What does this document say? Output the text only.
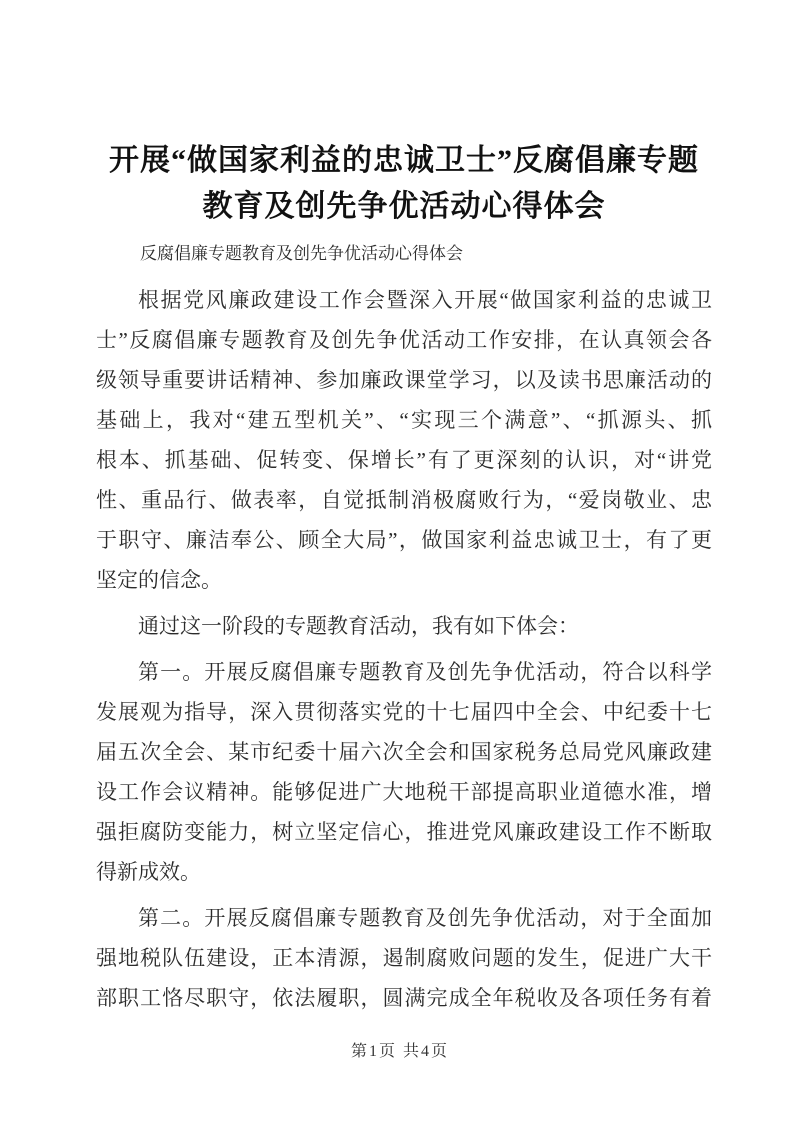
开展“做国家利益的忠诚卫士”反腐倡廉专题
教育及创先争优活动心得体会
反腐倡廉专题教育及创先争优活动心得体会
根据党风廉政建设工作会暨深入开展“做国家利益的忠诚卫
士”反腐倡廉专题教育及创先争优活动工作安排，在认真领会各
级领导重要讲话精神、参加廉政课堂学习，以及读书思廉活动的
基础上，我对“建五型机关”、“实现三个满意”、“抓源头、抓
根本、抓基础、促转变、保增长”有了更深刻的认识，对“讲党
性、重品行、做表率，自觉抵制消极腐败行为，“爱岗敬业、忠
于职守、廉洁奉公、顾全大局”，做国家利益忠诚卫士，有了更
坚定的信念。
通过这一阶段的专题教育活动，我有如下体会：
第一。开展反腐倡廉专题教育及创先争优活动，符合以科学
发展观为指导，深入贯彻落实党的十七届四中全会、中纪委十七
届五次全会、某市纪委十届六次全会和国家税务总局党风廉政建
设工作会议精神。能够促进广大地税干部提高职业道德水准，增
强拒腐防变能力，树立坚定信心，推进党风廉政建设工作不断取
得新成效。
第二。开展反腐倡廉专题教育及创先争优活动，对于全面加
强地税队伍建设，正本清源，遏制腐败问题的发生，促进广大干
部职工恪尽职守，依法履职，圆满完成全年税收及各项任务有着
第1页 共4页
